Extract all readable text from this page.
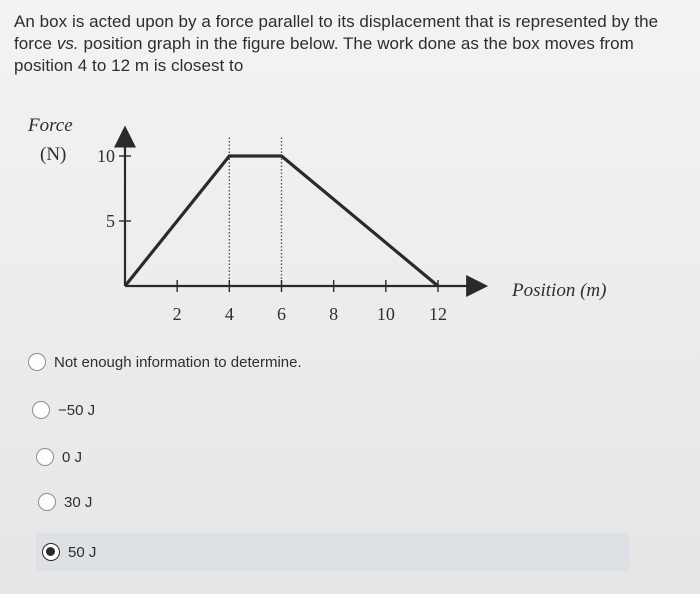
An box is acted upon by a force parallel to its displacement that is represented by the
force vs. position graph in the figure below. The work done as the box moves from
position 4 to 12 m is closest to
Force
(N)
Position (m)
2 4 6 8 10 12
10
5
Not enough information to determine.
−50 J
0 J
30 J
50 J
